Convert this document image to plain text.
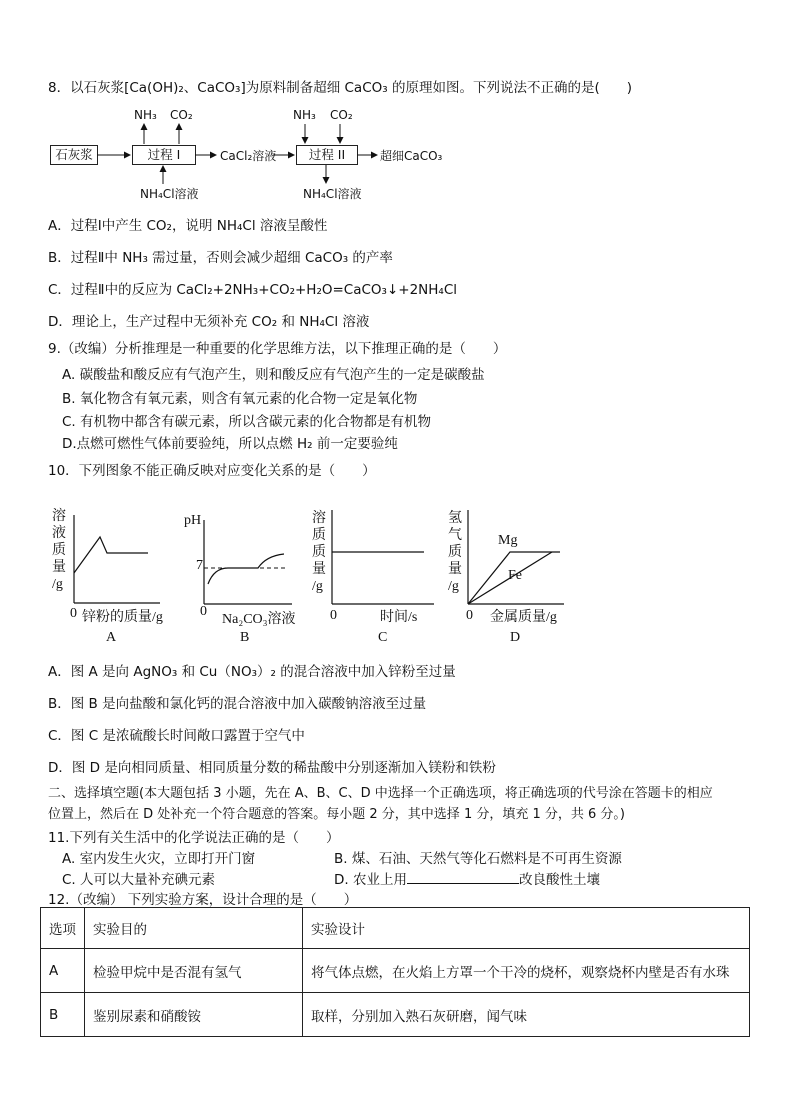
8．以石灰浆[Ca(OH)₂、CaCO₃]为原料制备超细 CaCO₃ 的原理如图。下列说法不正确的是(　　)
石灰浆	过程 I	过程 II
NH₃ CO₂
NH₄Cl溶液
CaCl₂溶液
NH₃ CO₂
NH₄Cl溶液
超细CaCO₃
A．过程Ⅰ中产生 CO₂，说明 NH₄Cl 溶液呈酸性
B．过程Ⅱ中 NH₃ 需过量，否则会减少超细 CaCO₃ 的产率
C．过程Ⅱ中的反应为 CaCl₂+2NH₃+CO₂+H₂O=CaCO₃↓+2NH₄Cl
D．理论上，生产过程中无须补充 CO₂ 和 NH₄Cl 溶液
9.（改编）分析推理是一种重要的化学思维方法，以下推理正确的是（　　）
A. 碳酸盐和酸反应有气泡产生，则和酸反应有气泡产生的一定是碳酸盐
B. 氧化物含有氧元素，则含有氧元素的化合物一定是氧化物
C. 有机物中都含有碳元素，所以含碳元素的化合物都是有机物
D.点燃可燃性气体前要验纯，所以点燃 H₂ 前一定要验纯
10．下列图象不能正确反映对应变化关系的是（　　）
溶
液
质
量
/g
0 锌粉的质量/g
A
pH
7
0
Na₂CO₃溶液
B
溶
质
质
量
/g
0	时间/s
C
氢
气
质
量
/g
Mg
Fe
0 金属质量/g
D
A．图 A 是向 AgNO₃ 和 Cu（NO₃）₂ 的混合溶液中加入锌粉至过量
B．图 B 是向盐酸和氯化钙的混合溶液中加入碳酸钠溶液至过量
C．图 C 是浓硫酸长时间敞口露置于空气中
D．图 D 是向相同质量、相同质量分数的稀盐酸中分别逐渐加入镁粉和铁粉
二、选择填空题(本大题包括 3 小题，先在 A、B、C、D 中选择一个正确选项，将正确选项的代号涂在答题卡的相应
位置上，然后在 D 处补充一个符合题意的答案。每小题 2 分，其中选择 1 分，填充 1 分，共 6 分。)
11.下列有关生活中的化学说法正确的是（　　）
A. 室内发生火灾，立即打开门窗	B. 煤、石油、天然气等化石燃料是不可再生资源
C. 人可以大量补充碘元素	D. 农业上用	改良酸性土壤
12.（改编） 下列实验方案，设计合理的是（　　）
选项	实验目的	实验设计
A	检验甲烷中是否混有氢气	将气体点燃，在火焰上方罩一个干冷的烧杯，观察烧杯内壁是否有水珠
B	鉴别尿素和硝酸铵	取样，分别加入熟石灰研磨，闻气味
